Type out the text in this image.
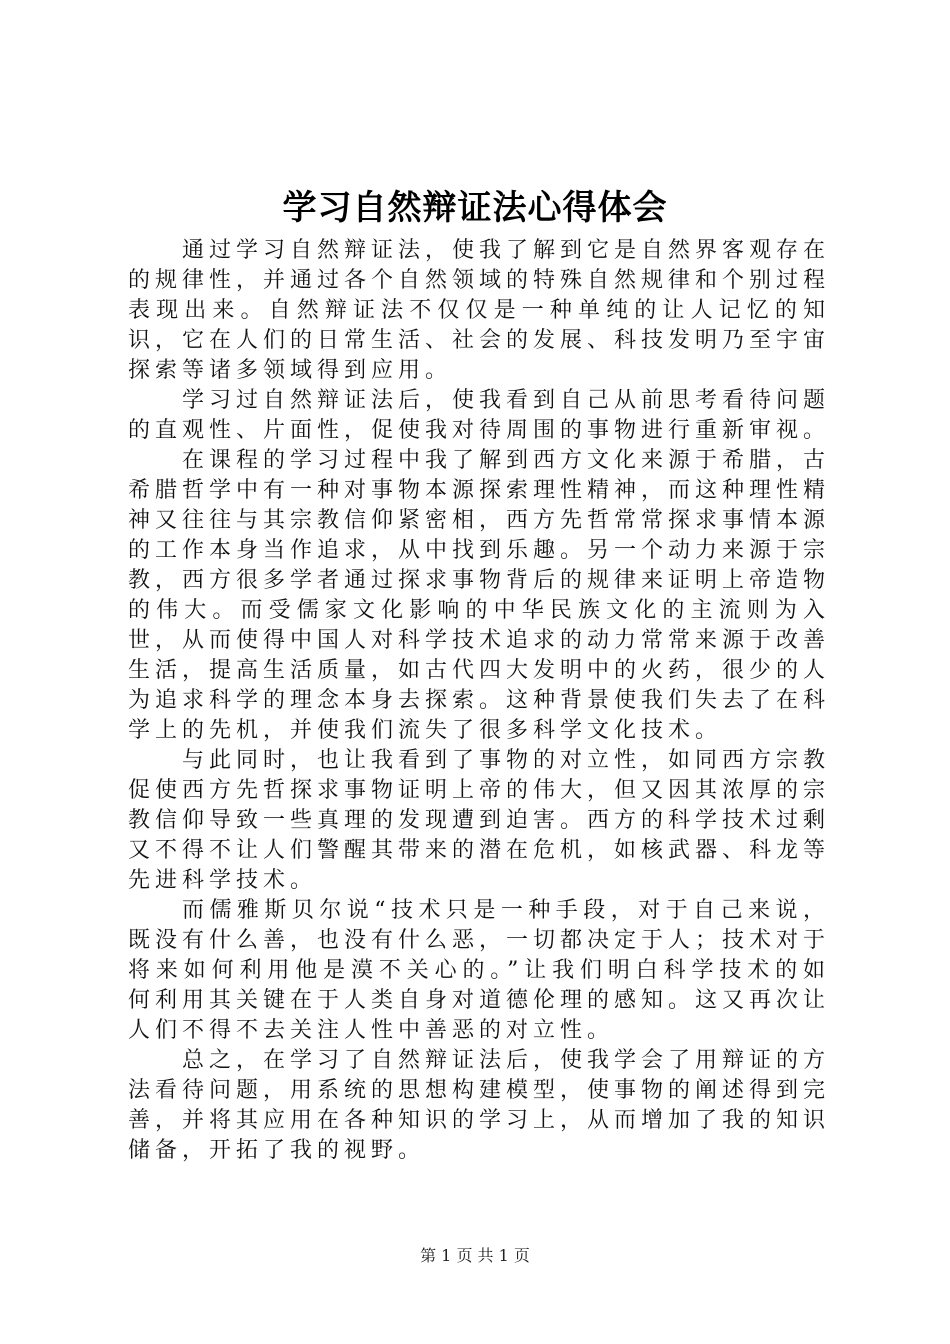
学习自然辩证法心得体会

通过学习自然辩证法，使我了解到它是自然界客观存在的规律性，并通过各个自然领域的特殊自然规律和个别过程表现出来。自然辩证法不仅仅是一种单纯的让人记忆的知识，它在人们的日常生活、社会的发展、科技发明乃至宇宙探索等诸多领域得到应用。

学习过自然辩证法后，使我看到自己从前思考看待问题的直观性、片面性，促使我对待周围的事物进行重新审视。

在课程的学习过程中我了解到西方文化来源于希腊，古希腊哲学中有一种对事物本源探索理性精神，而这种理性精神又往往与其宗教信仰紧密相，西方先哲常常探求事情本源的工作本身当作追求，从中找到乐趣。另一个动力来源于宗教，西方很多学者通过探求事物背后的规律来证明上帝造物的伟大。而受儒家文化影响的中华民族文化的主流则为入世，从而使得中国人对科学技术追求的动力常常来源于改善生活，提高生活质量，如古代四大发明中的火药，很少的人为追求科学的理念本身去探索。这种背景使我们失去了在科学上的先机，并使我们流失了很多科学文化技术。

与此同时，也让我看到了事物的对立性，如同西方宗教促使西方先哲探求事物证明上帝的伟大，但又因其浓厚的宗教信仰导致一些真理的发现遭到迫害。西方的科学技术过剩又不得不让人们警醒其带来的潜在危机，如核武器、科龙等先进科学技术。

而儒雅斯贝尔说“技术只是一种手段，对于自己来说，既没有什么善，也没有什么恶，一切都决定于人；技术对于将来如何利用他是漠不关心的。”让我们明白科学技术的如何利用其关键在于人类自身对道德伦理的感知。这又再次让人们不得不去关注人性中善恶的对立性。

总之，在学习了自然辩证法后，使我学会了用辩证的方法看待问题，用系统的思想构建模型，使事物的阐述得到完善，并将其应用在各种知识的学习上，从而增加了我的知识储备，开拓了我的视野。

第 1 页 共 1 页
